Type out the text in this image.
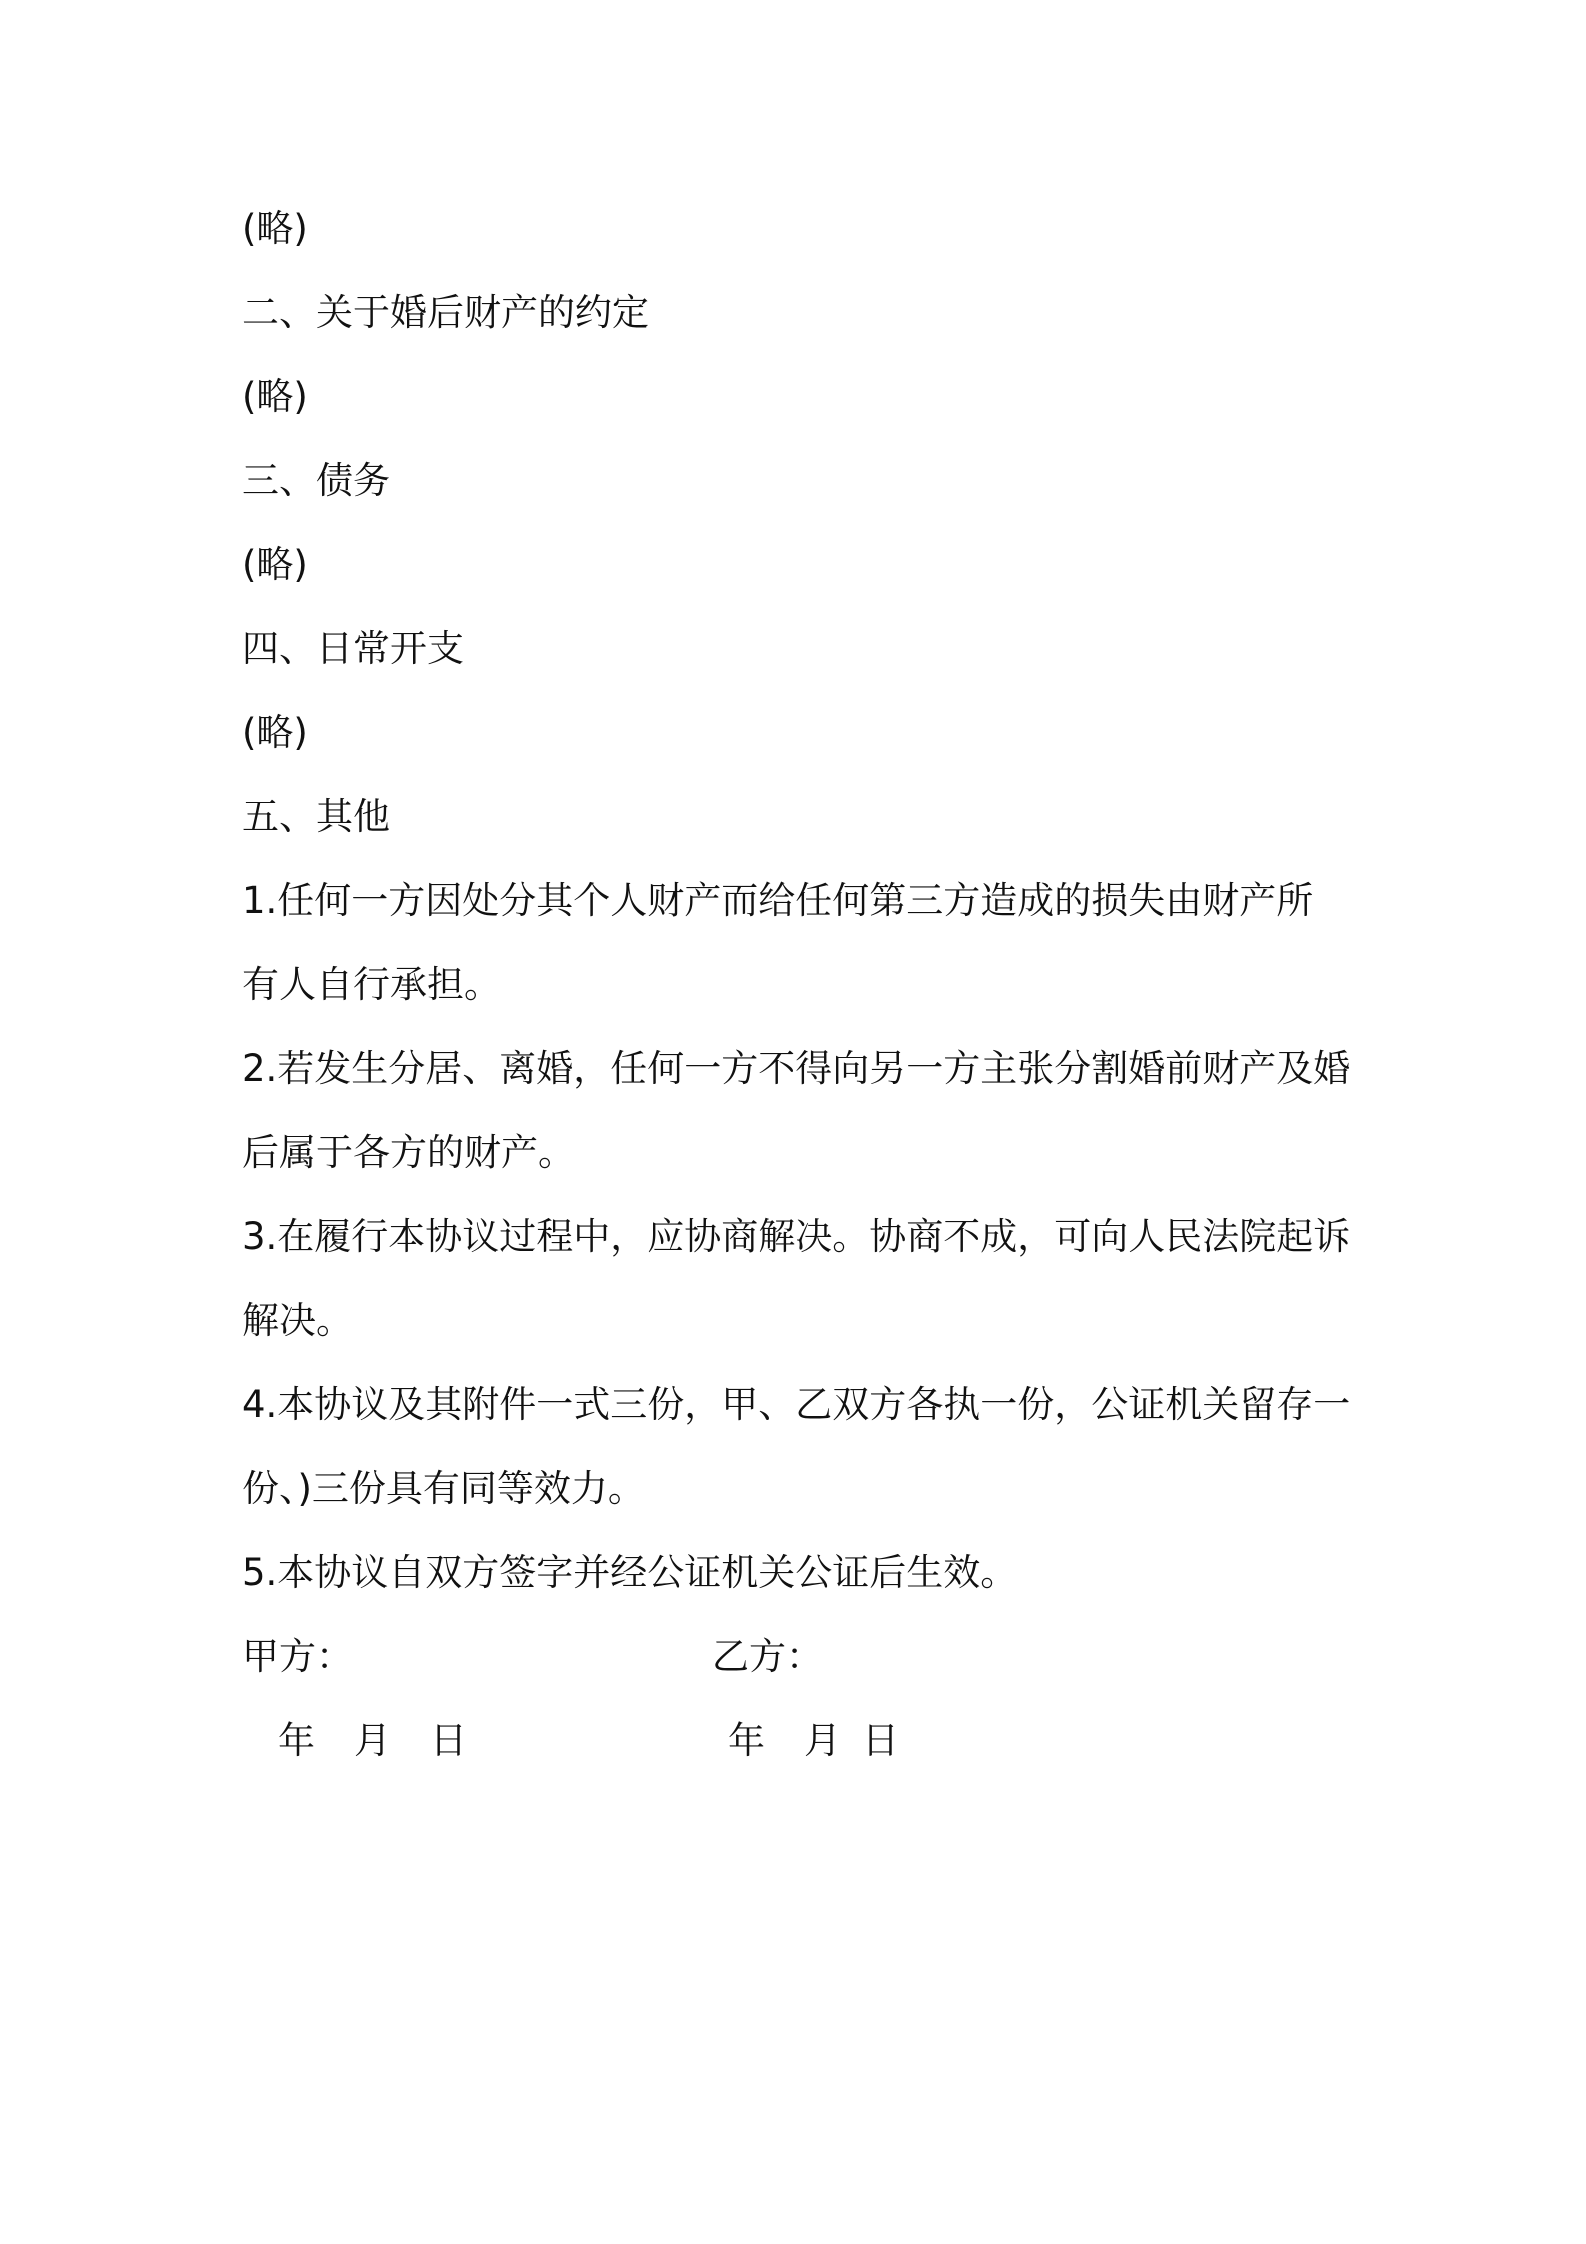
(略)
二、关于婚后财产的约定
(略)
三、债务
(略)
四、日常开支
(略)
五、其他
1.任何一方因处分其个人财产而给任何第三方造成的损失由财产所
有人自行承担。
2.若发生分居、离婚，任何一方不得向另一方主张分割婚前财产及婚
后属于各方的财产。
3.在履行本协议过程中，应协商解决。协商不成，可向人民法院起诉
解决。
4.本协议及其附件一式三份，甲、乙双方各执一份，公证机关留存一
份、)三份具有同等效力。
5.本协议自双方签字并经公证机关公证后生效。
甲方：	乙方：
年 月 日	年 月 日
